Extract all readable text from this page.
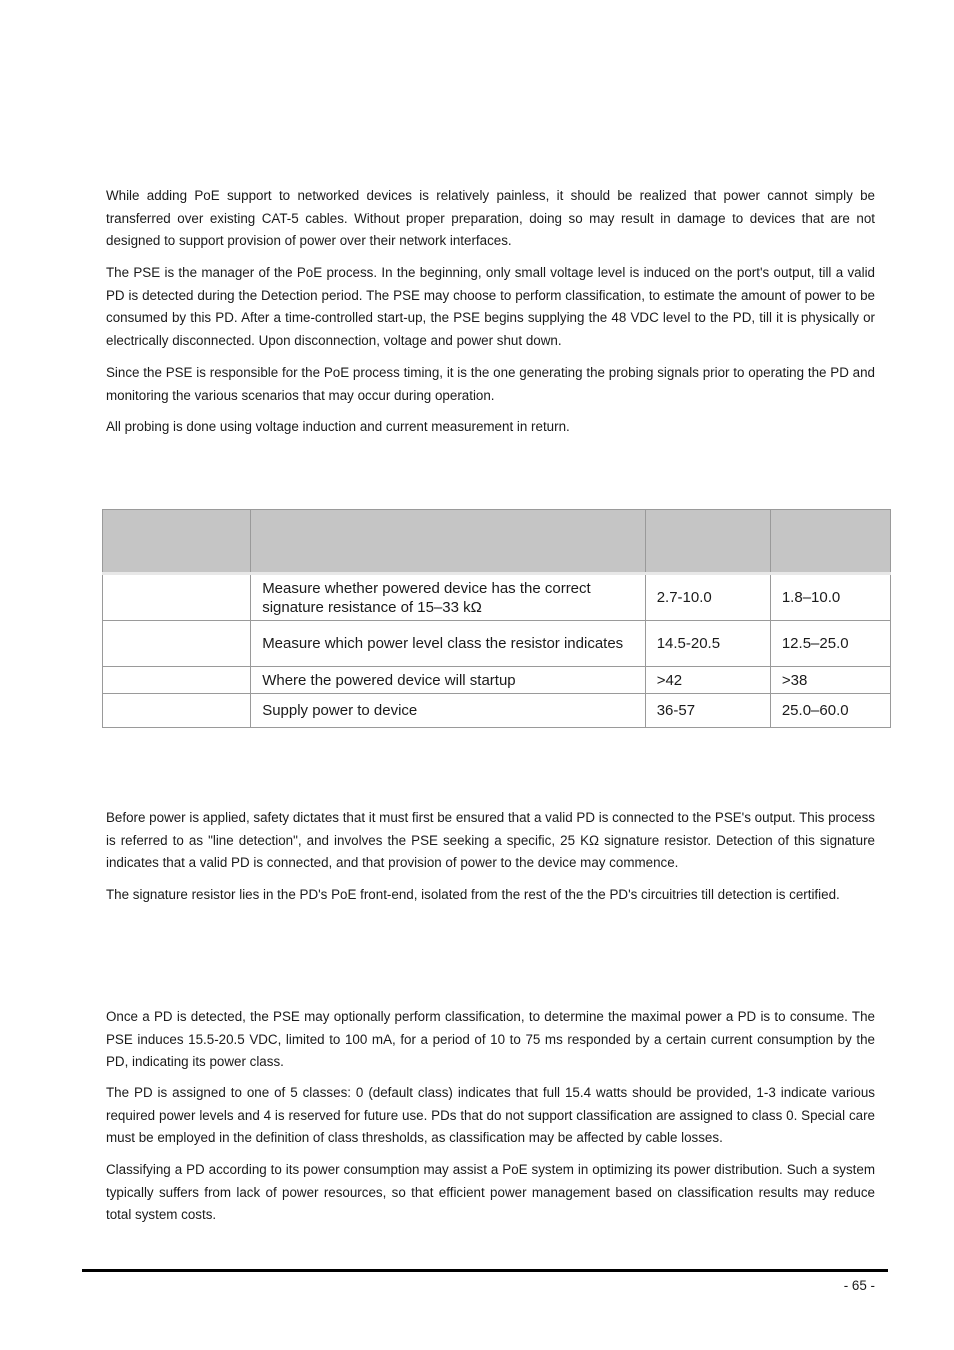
While adding PoE support to networked devices is relatively painless, it should be realized that power cannot simply be transferred over existing CAT-5 cables. Without proper preparation, doing so may result in damage to devices that are not designed to support provision of power over their network interfaces.

The PSE is the manager of the PoE process. In the beginning, only small voltage level is induced on the port's output, till a valid PD is detected during the Detection period. The PSE may choose to perform classification, to estimate the amount of power to be consumed by this PD. After a time-controlled start-up, the PSE begins supplying the 48 VDC level to the PD, till it is physically or electrically disconnected. Upon disconnection, voltage and power shut down.

Since the PSE is responsible for the PoE process timing, it is the one generating the probing signals prior to operating the PD and monitoring the various scenarios that may occur during operation.

All probing is done using voltage induction and current measurement in return.

	Measure whether powered device has the correct signature resistance of 15–33 kΩ	2.7-10.0	1.8–10.0
	Measure which power level class the resistor indicates	14.5-20.5	12.5–25.0
	Where the powered device will startup	>42	>38
	Supply power to device	36-57	25.0–60.0

Before power is applied, safety dictates that it must first be ensured that a valid PD is connected to the PSE's output. This process is referred to as "line detection", and involves the PSE seeking a specific, 25 KΩ signature resistor. Detection of this signature indicates that a valid PD is connected, and that provision of power to the device may commence.

The signature resistor lies in the PD's PoE front-end, isolated from the rest of the the PD's circuitries till detection is certified.

Once a PD is detected, the PSE may optionally perform classification, to determine the maximal power a PD is to consume. The PSE induces 15.5-20.5 VDC, limited to 100 mA, for a period of 10 to 75 ms responded by a certain current consumption by the PD, indicating its power class.

The PD is assigned to one of 5 classes: 0 (default class) indicates that full 15.4 watts should be provided, 1-3 indicate various required power levels and 4 is reserved for future use. PDs that do not support classification are assigned to class 0. Special care must be employed in the definition of class thresholds, as classification may be affected by cable losses.

Classifying a PD according to its power consumption may assist a PoE system in optimizing its power distribution. Such a system typically suffers from lack of power resources, so that efficient power management based on classification results may reduce total system costs.

- 65 -
